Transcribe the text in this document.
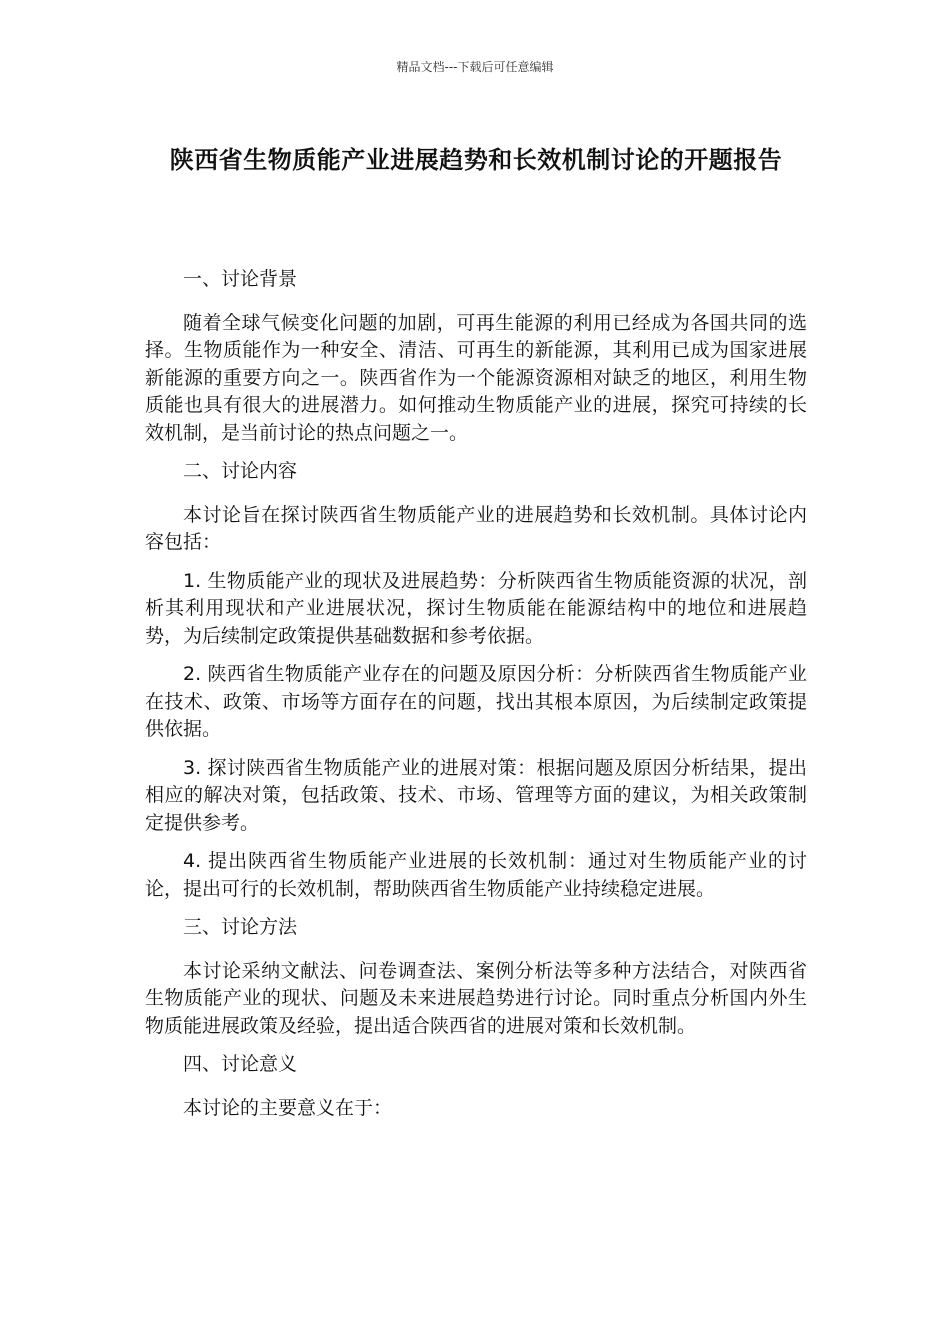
精品文档---下载后可任意编辑
陕西省生物质能产业进展趋势和长效机制讨论的开题报告

一、讨论背景

随着全球气候变化问题的加剧，可再生能源的利用已经成为各国共同的选择。生物质能作为一种安全、清洁、可再生的新能源，其利用已成为国家进展新能源的重要方向之一。陕西省作为一个能源资源相对缺乏的地区，利用生物质能也具有很大的进展潜力。如何推动生物质能产业的进展，探究可持续的长效机制，是当前讨论的热点问题之一。

二、讨论内容

本讨论旨在探讨陕西省生物质能产业的进展趋势和长效机制。具体讨论内容包括：

1. 生物质能产业的现状及进展趋势：分析陕西省生物质能资源的状况，剖析其利用现状和产业进展状况，探讨生物质能在能源结构中的地位和进展趋势，为后续制定政策提供基础数据和参考依据。

2. 陕西省生物质能产业存在的问题及原因分析：分析陕西省生物质能产业在技术、政策、市场等方面存在的问题，找出其根本原因，为后续制定政策提供依据。

3. 探讨陕西省生物质能产业的进展对策：根据问题及原因分析结果，提出相应的解决对策，包括政策、技术、市场、管理等方面的建议，为相关政策制定提供参考。

4. 提出陕西省生物质能产业进展的长效机制：通过对生物质能产业的讨论，提出可行的长效机制，帮助陕西省生物质能产业持续稳定进展。

三、讨论方法

本讨论采纳文献法、问卷调查法、案例分析法等多种方法结合，对陕西省生物质能产业的现状、问题及未来进展趋势进行讨论。同时重点分析国内外生物质能进展政策及经验，提出适合陕西省的进展对策和长效机制。

四、讨论意义

本讨论的主要意义在于：
